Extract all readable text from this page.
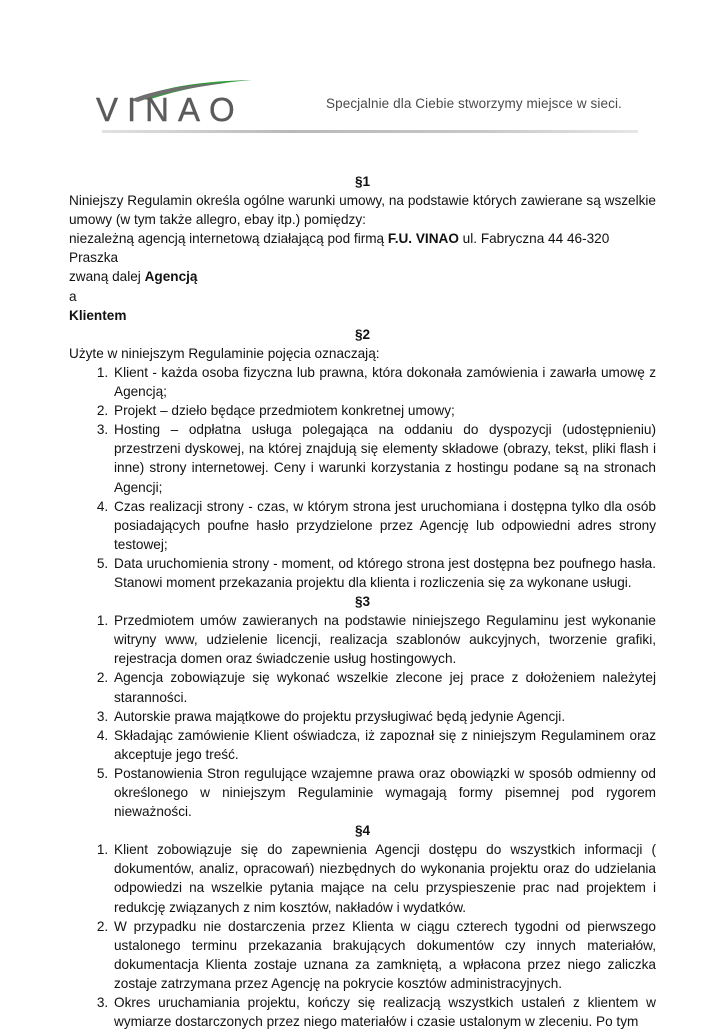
VINAO	Specjalnie dla Ciebie stworzymy miejsce w sieci.

§1

Niniejszy Regulamin określa ogólne warunki umowy, na podstawie których zawierane są wszelkie umowy (w tym także allegro, ebay itp.) pomiędzy:

niezależną agencją internetową działającą pod firmą F.U. VINAO ul. Fabryczna 44 46-320 Praszka

zwaną dalej Agencją

a

Klientem

§2

Użyte w niniejszym Regulaminie pojęcia oznaczają:

1. Klient - każda osoba fizyczna lub prawna, która dokonała zamówienia i zawarła umowę z Agencją;
2. Projekt – dzieło będące przedmiotem konkretnej umowy;
3. Hosting – odpłatna usługa polegająca na oddaniu do dyspozycji (udostępnieniu) przestrzeni dyskowej, na której znajdują się elementy składowe (obrazy, tekst, pliki flash i inne) strony internetowej. Ceny i warunki korzystania z hostingu podane są na stronach Agencji;
4. Czas realizacji strony - czas, w którym strona jest uruchomiana i dostępna tylko dla osób posiadających poufne hasło przydzielone przez Agencję lub odpowiedni adres strony testowej;
5. Data uruchomienia strony - moment, od którego strona jest dostępna bez poufnego hasła. Stanowi moment przekazania projektu dla klienta i rozliczenia się za wykonane usługi.

§3

1. Przedmiotem umów zawieranych na podstawie niniejszego Regulaminu jest wykonanie witryny www, udzielenie licencji, realizacja szablonów aukcyjnych, tworzenie grafiki, rejestracja domen oraz świadczenie usług hostingowych.
2. Agencja zobowiązuje się wykonać wszelkie zlecone jej prace z dołożeniem należytej staranności.
3. Autorskie prawa majątkowe do projektu przysługiwać będą jedynie Agencji.
4. Składając zamówienie Klient oświadcza, iż zapoznał się z niniejszym Regulaminem oraz akceptuje jego treść.
5. Postanowienia Stron regulujące wzajemne prawa oraz obowiązki w sposób odmienny od określonego w niniejszym Regulaminie wymagają formy pisemnej pod rygorem nieważności.

§4

1. Klient zobowiązuje się do zapewnienia Agencji dostępu do wszystkich informacji ( dokumentów, analiz, opracowań) niezbędnych do wykonania projektu oraz do udzielania odpowiedzi na wszelkie pytania mające na celu przyspieszenie prac nad projektem i redukcję związanych z nim kosztów, nakładów i wydatków.
2. W przypadku nie dostarczenia przez Klienta w ciągu czterech tygodni od pierwszego ustalonego terminu przekazania brakujących dokumentów czy innych materiałów, dokumentacja Klienta zostaje uznana za zamkniętą, a wpłacona przez niego zaliczka zostaje zatrzymana przez Agencję na pokrycie kosztów administracyjnych.
3. Okres uruchamiania projektu, kończy się realizacją wszystkich ustaleń z klientem w wymiarze dostarczonych przez niego materiałów i czasie ustalonym w zleceniu. Po tym
